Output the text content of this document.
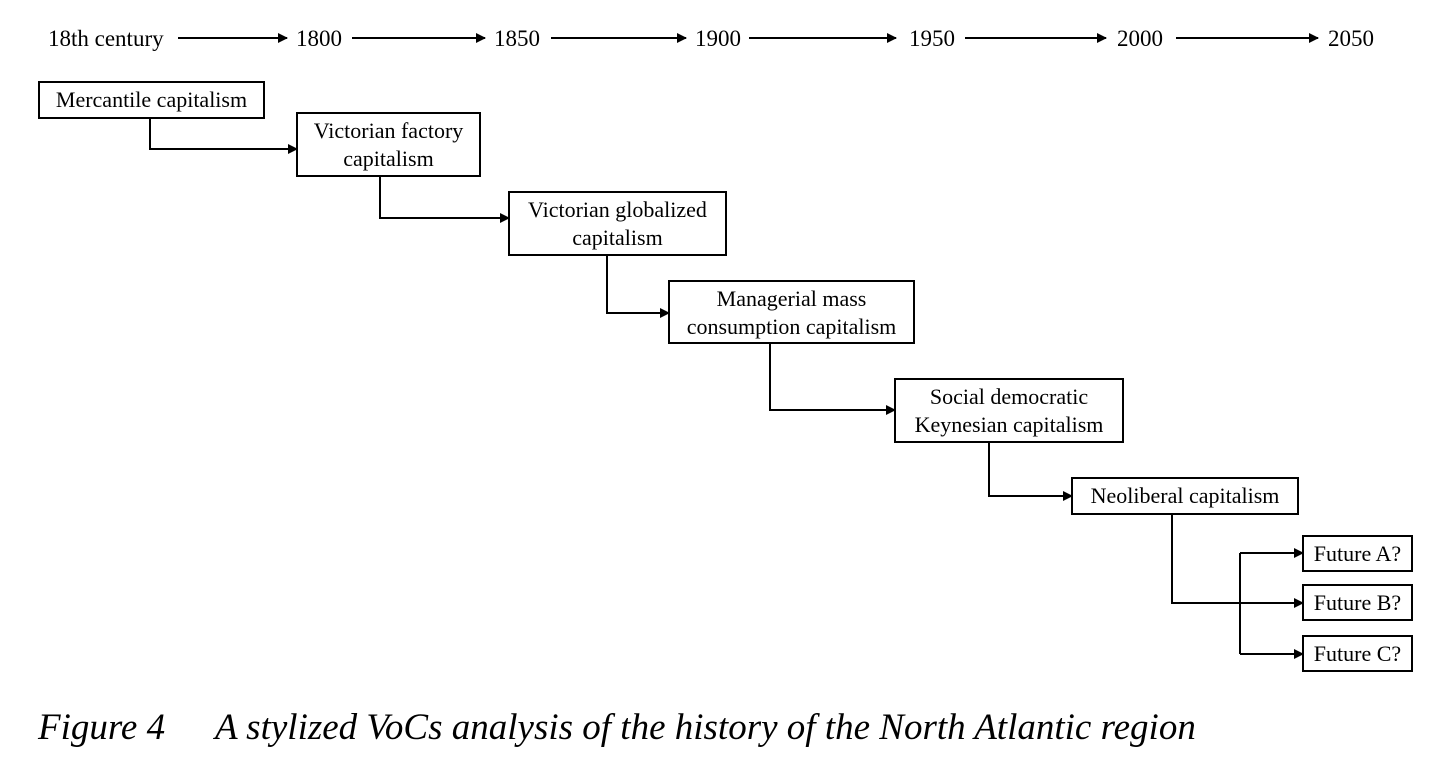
18th century	1800	1850	1900	1950	2000	2050
Mercantile capitalism
Victorian factory
capitalism
Victorian globalized
capitalism
Managerial mass
consumption capitalism
Social democratic
Keynesian capitalism
Neoliberal capitalism
Future A?
Future B?
Future C?
Figure 4 A stylized VoCs analysis of the history of the North Atlantic region
